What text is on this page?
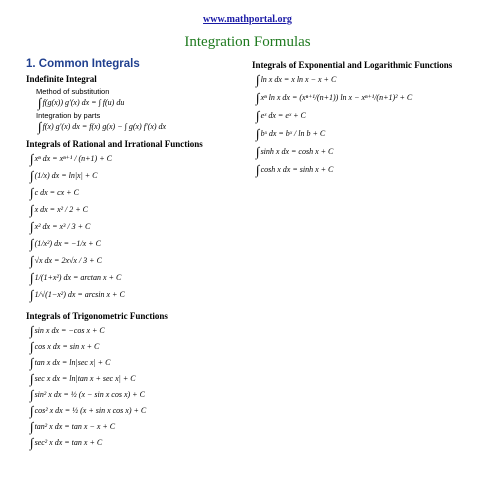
www.mathportal.org
Integration Formulas
1. Common Integrals
Indefinite Integral
Method of substitution
∫ f(g(x)) g′(x) dx = ∫ f(u) du
Integration by parts
∫ f(x) g′(x) dx = f(x) g(x) − ∫ g(x) f′(x) dx
Integrals of Rational and Irrational Functions
∫ xⁿ dx = xⁿ⁺¹ / (n+1) + C
∫ (1/x) dx = ln|x| + C
∫ c dx = cx + C
∫ x dx = x² / 2 + C
∫ x² dx = x³ / 3 + C
∫ (1/x²) dx = −1/x + C
∫ √x dx = 2x√x / 3 + C
∫ 1/(1+x²) dx = arctan x + C
∫ 1/√(1−x²) dx = arcsin x + C
Integrals of Trigonometric Functions
∫ sin x dx = −cos x + C
∫ cos x dx = sin x + C
∫ tan x dx = ln|sec x| + C
∫ sec x dx = ln|tan x + sec x| + C
∫ sin² x dx = ½ (x − sin x cos x) + C
∫ cos² x dx = ½ (x + sin x cos x) + C
∫ tan² x dx = tan x − x + C
∫ sec² x dx = tan x + C
Integrals of Exponential and Logarithmic Functions
∫ ln x dx = x ln x − x + C
∫ xⁿ ln x dx = (xⁿ⁺¹/(n+1)) ln x − xⁿ⁺¹/(n+1)² + C
∫ eˣ dx = eˣ + C
∫ bˣ dx = bˣ / ln b + C
∫ sinh x dx = cosh x + C
∫ cosh x dx = sinh x + C
